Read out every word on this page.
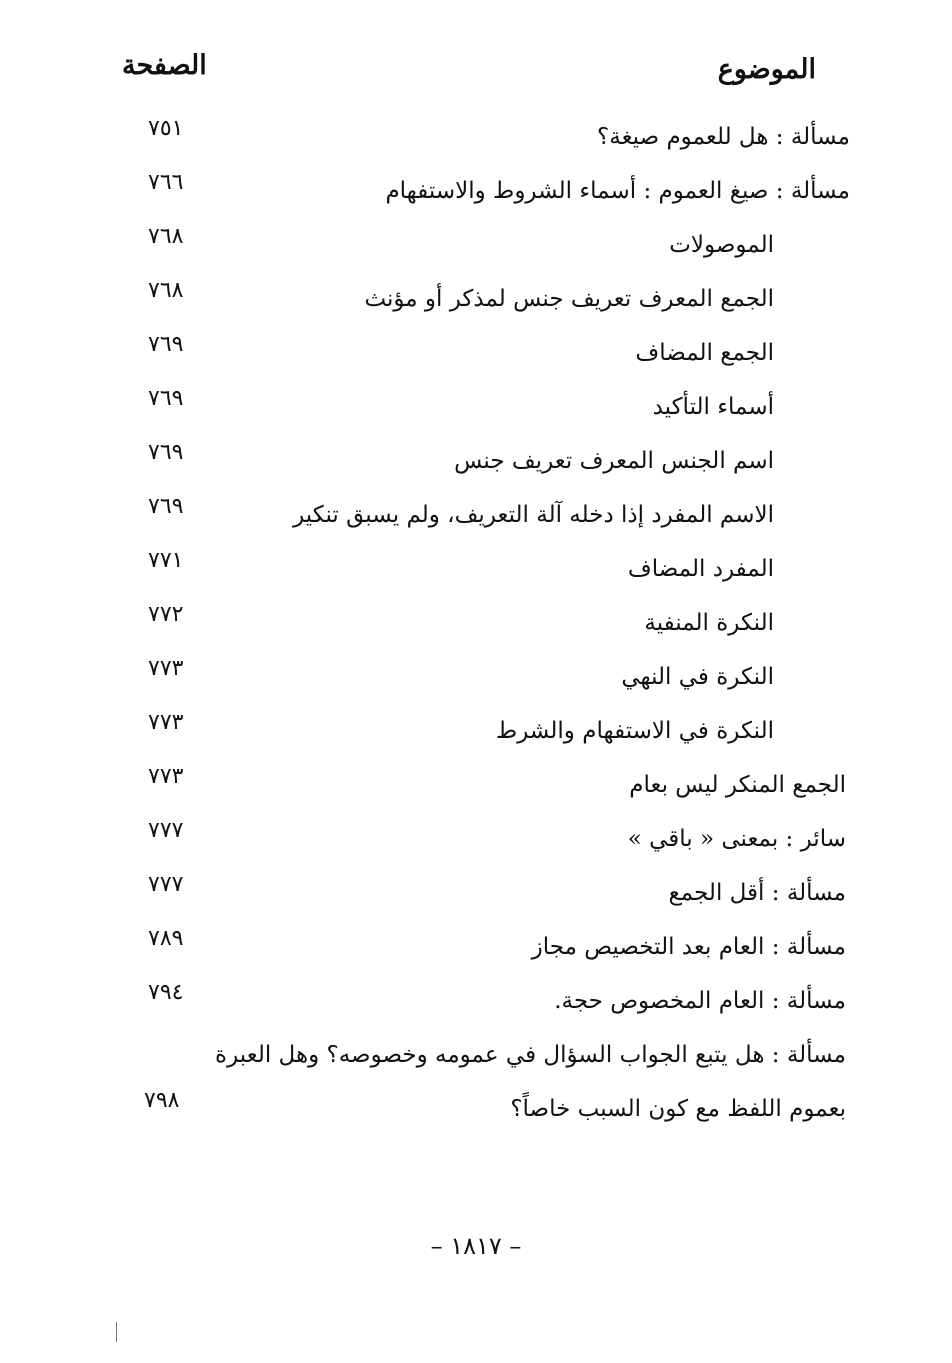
الموضوع
الصفحة
مسألة : هل للعموم صيغة؟
٧٥١
مسألة : صيغ العموم : أسماء الشروط والاستفهام
٧٦٦
الموصولات
٧٦٨
الجمع المعرف تعريف جنس لمذكر أو مؤنث
٧٦٨
الجمع المضاف
٧٦٩
أسماء التأكيد
٧٦٩
اسم الجنس المعرف تعريف جنس
٧٦٩
الاسم المفرد إذا دخله آلة التعريف، ولم يسبق تنكير
٧٦٩
المفرد المضاف
٧٧١
النكرة المنفية
٧٧٢
النكرة في النهي
٧٧٣
النكرة في الاستفهام والشرط
٧٧٣
الجمع المنكر ليس بعام
٧٧٣
سائر : بمعنى « باقي »
٧٧٧
مسألة : أقل الجمع
٧٧٧
مسألة : العام بعد التخصيص مجاز
٧٨٩
مسألة : العام المخصوص حجة.
٧٩٤
مسألة : هل يتبع الجواب السؤال في عمومه وخصوصه؟ وهل العبرة
بعموم اللفظ مع كون السبب خاصاً؟
٧٩٨
– ١٨١٧ –
